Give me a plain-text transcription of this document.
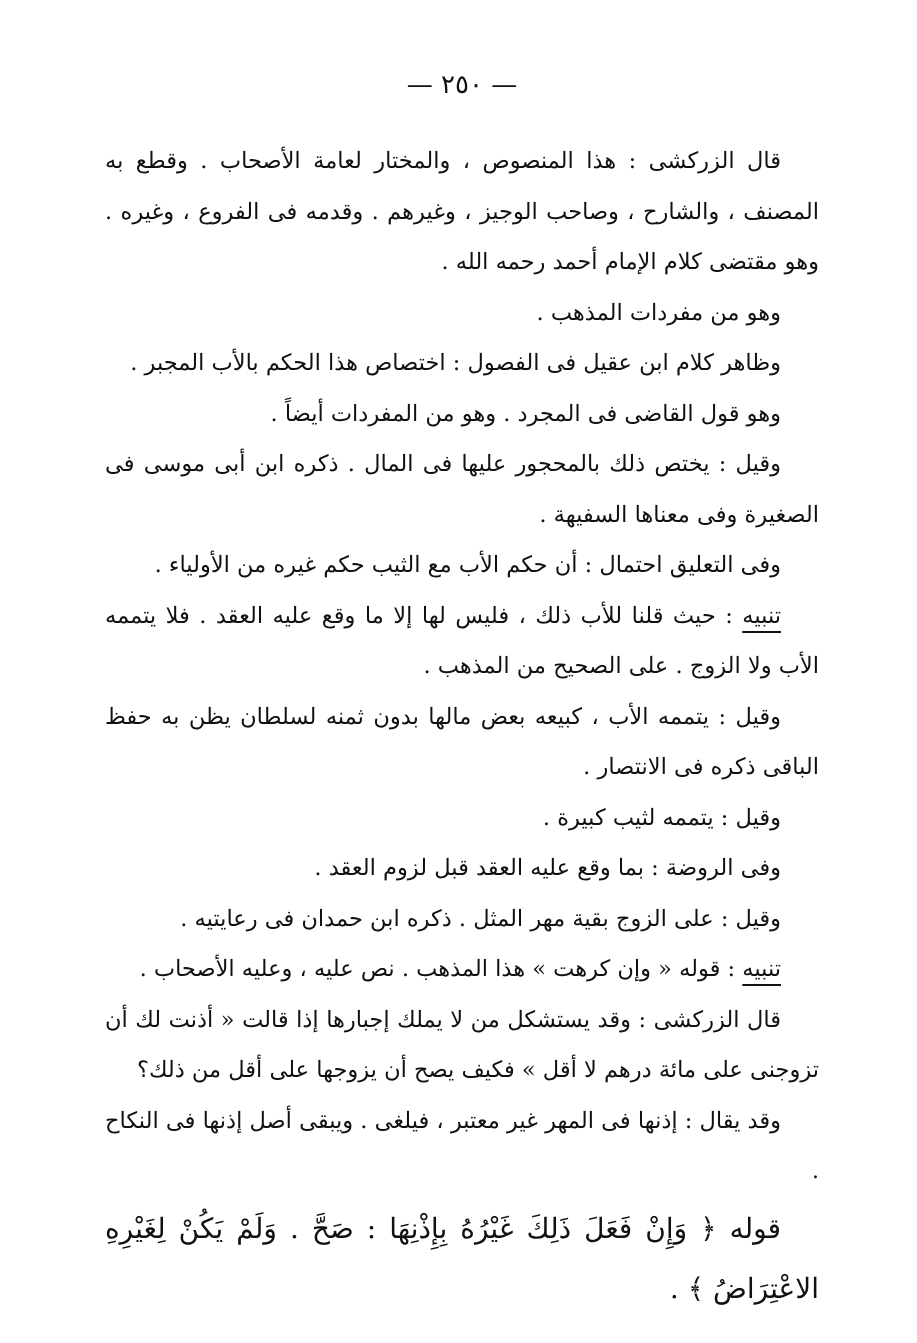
— ٢٥٠ —

قال الزركشى : هذا المنصوص ، والمختار لعامة الأصحاب . وقطع به المصنف ، والشارح ، وصاحب الوجيز ، وغيرهم . وقدمه فى الفروع ، وغيره . وهو مقتضى كلام الإمام أحمد رحمه الله .

وهو من مفردات المذهب .

وظاهر كلام ابن عقيل فى الفصول : اختصاص هذا الحكم بالأب المجبر .

وهو قول القاضى فى المجرد . وهو من المفردات أيضاً .

وقيل : يختص ذلك بالمحجور عليها فى المال . ذكره ابن أبى موسى فى الصغيرة وفى معناها السفيهة .

وفى التعليق احتمال : أن حكم الأب مع الثيب حكم غيره من الأولياء .

تنبيه : حيث قلنا للأب ذلك ، فليس لها إلا ما وقع عليه العقد . فلا يتممه الأب ولا الزوج . على الصحيح من المذهب .

وقيل : يتممه الأب ، كبيعه بعض مالها بدون ثمنه لسلطان يظن به حفظ الباقى ذكره فى الانتصار .

وقيل : يتممه لثيب كبيرة .

وفى الروضة : بما وقع عليه العقد قبل لزوم العقد .

وقيل : على الزوج بقية مهر المثل . ذكره ابن حمدان فى رعايتيه .

تنبيه : قوله « وإن كرهت » هذا المذهب . نص عليه ، وعليه الأصحاب .

قال الزركشى : وقد يستشكل من لا يملك إجبارها إذا قالت « أذنت لك أن تزوجنى على مائة درهم لا أقل » فكيف يصح أن يزوجها على أقل من ذلك؟

وقد يقال : إذنها فى المهر غير معتبر ، فيلغى . ويبقى أصل إذنها فى النكاح .

قوله ﴿ وَإِنْ فَعَلَ ذَلِكَ غَيْرُهُ بِإِذْنِهَا : صَحَّ . وَلَمْ يَكُنْ لِغَيْرِهِ الاعْتِرَاضُ ﴾ .
